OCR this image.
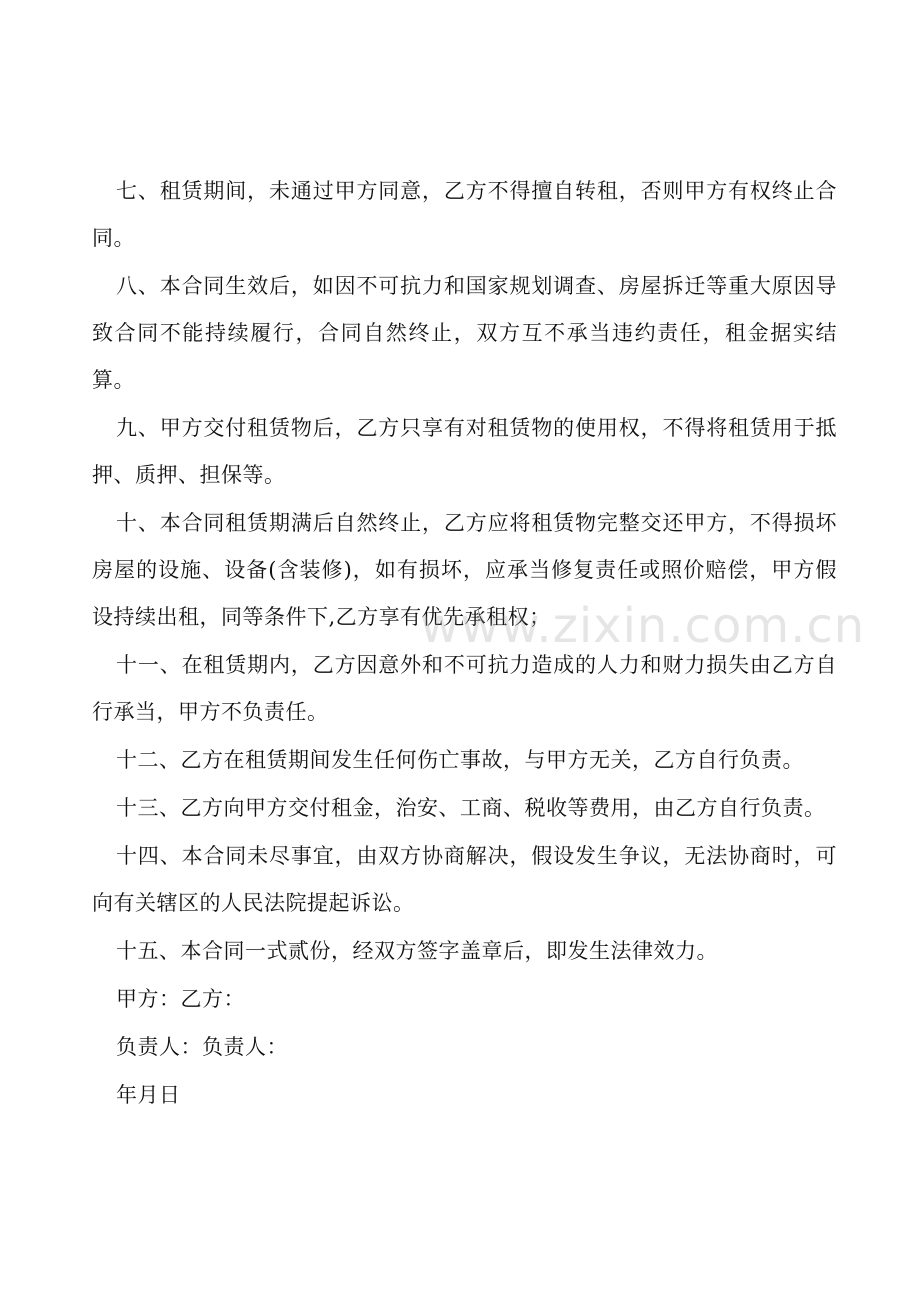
七、租赁期间，未通过甲方同意，乙方不得擅自转租，否则甲方有权终止合同。

八、本合同生效后，如因不可抗力和国家规划调查、房屋拆迁等重大原因导致合同不能持续履行，合同自然终止，双方互不承当违约责任，租金据实结算。

九、甲方交付租赁物后，乙方只享有对租赁物的使用权，不得将租赁用于抵押、质押、担保等。

十、本合同租赁期满后自然终止，乙方应将租赁物完整交还甲方，不得损坏房屋的设施、设备(含装修)，如有损坏，应承当修复责任或照价赔偿，甲方假设持续出租，同等条件下,乙方享有优先承租权；

十一、在租赁期内，乙方因意外和不可抗力造成的人力和财力损失由乙方自行承当，甲方不负责任。

十二、乙方在租赁期间发生任何伤亡事故，与甲方无关，乙方自行负责。

十三、乙方向甲方交付租金，治安、工商、税收等费用，由乙方自行负责。

十四、本合同未尽事宜，由双方协商解决，假设发生争议，无法协商时，可向有关辖区的人民法院提起诉讼。

十五、本合同一式贰份，经双方签字盖章后，即发生法律效力。

甲方：乙方：

负责人：负责人：

年月日

www.zixin.com.cn
